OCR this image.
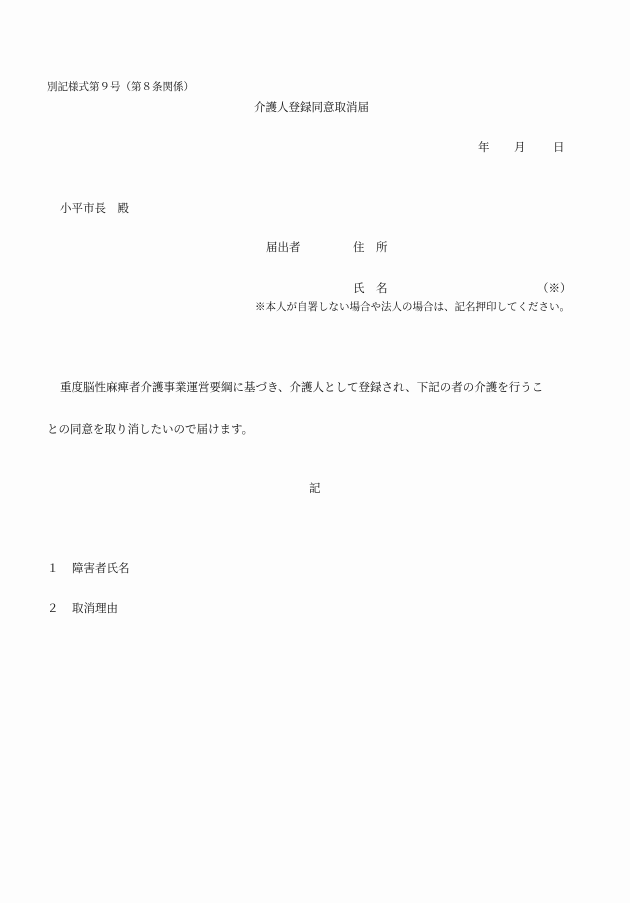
別記様式第９号（第８条関係）
介護人登録同意取消届
年 月 日
小平市長　殿
届出者	住　所
氏　名	（※）
※本人が自署しない場合や法人の場合は、記名押印してください。
重度脳性麻痺者介護事業運営要綱に基づき、介護人として登録され、下記の者の介護を行うこ
との同意を取り消したいので届けます。
記
１ 障害者氏名
２ 取消理由
